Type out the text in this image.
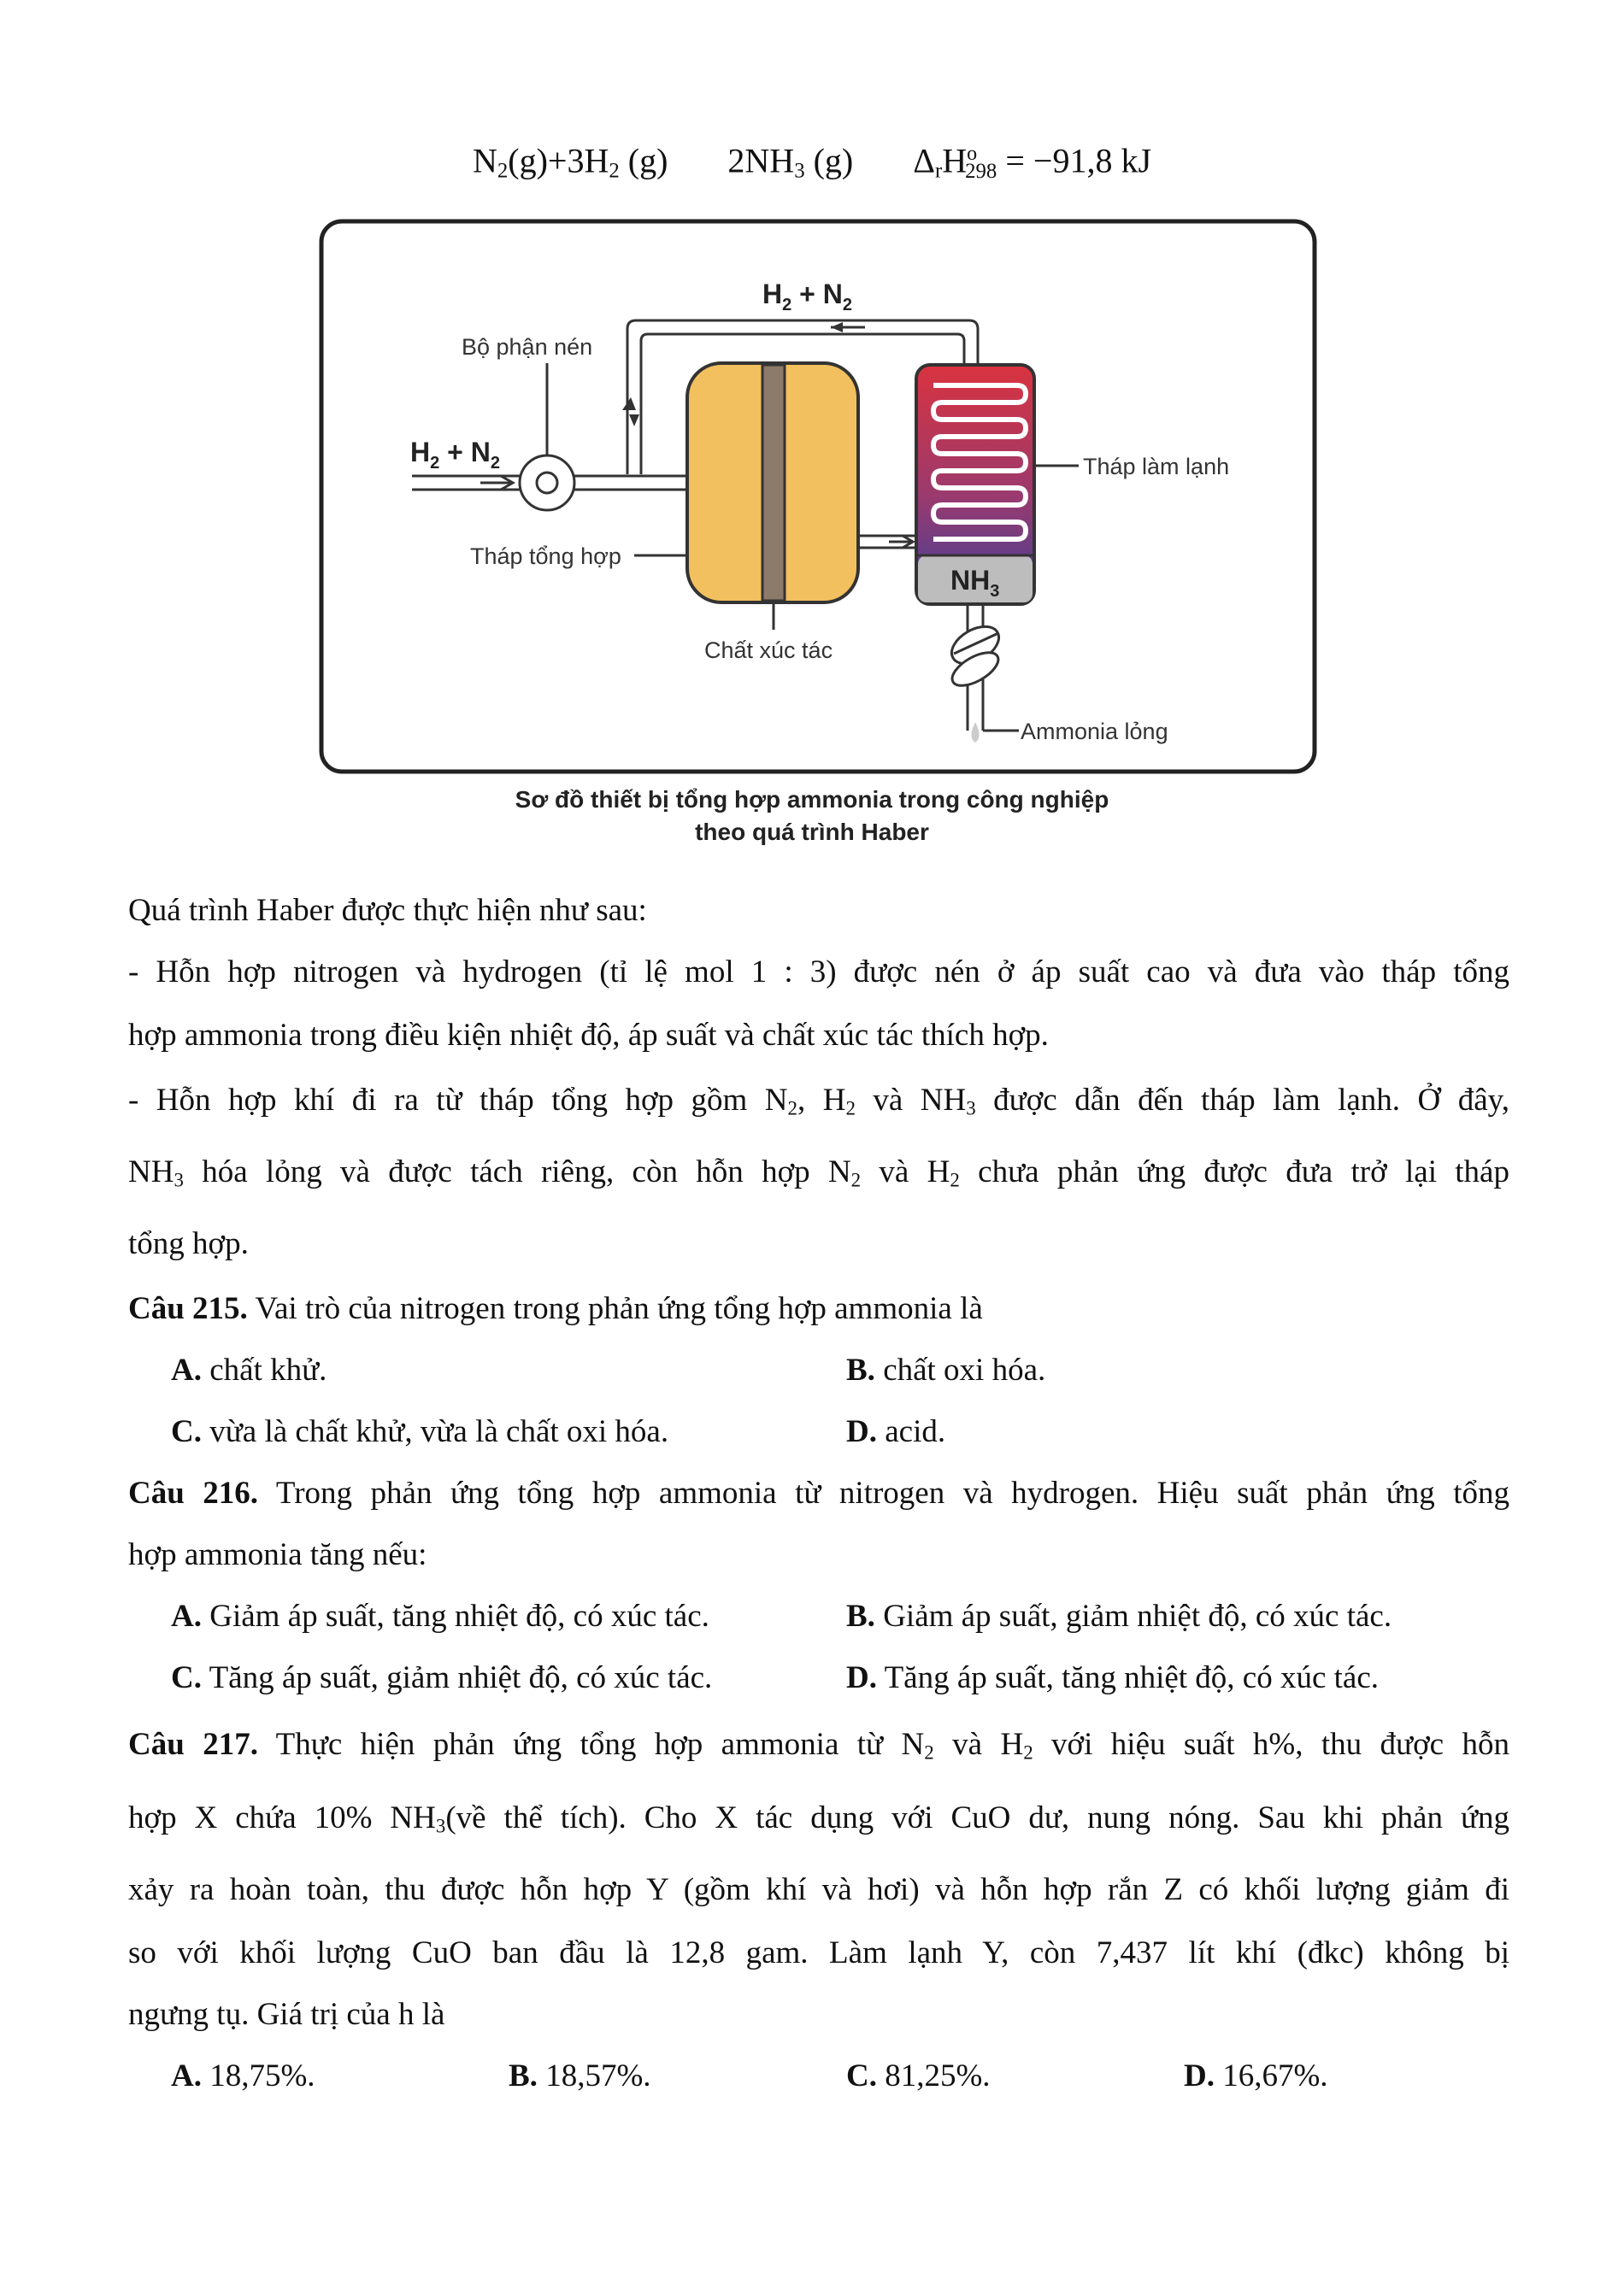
$N_2(g)+3H_2$ (g) $2NH_3$ (g) $\Delta_rH^o_{298} = -91,8$ kJ
$H_2 + N_2$
$H_2 + N_2$
Bộ phận nén
Tháp tổng hợp
Chất xúc tác
$NH_3$
Tháp làm lạnh
Ammonia lỏng
Sơ đồ thiết bị tổng hợp ammonia trong công nghiệp
theo quá trình Haber
Quá trình Haber được thực hiện như sau:
- Hỗn hợp nitrogen và hydrogen (tỉ lệ mol 1 : 3) được nén ở áp suất cao và đưa vào tháp tổng
hợp ammonia trong điều kiện nhiệt độ, áp suất và chất xúc tác thích hợp.
- Hỗn hợp khí đi ra từ tháp tổng hợp gồm $N_2$, $H_2$ và $NH_3$ được dẫn đến tháp làm lạnh. Ở đây,
$NH_3$ hóa lỏng và được tách riêng, còn hỗn hợp $N_2$ và $H_2$ chưa phản ứng được đưa trở lại tháp
tổng hợp.
Câu 215. Vai trò của nitrogen trong phản ứng tổng hợp ammonia là
A. chất khử.	B. chất oxi hóa.
C. vừa là chất khử, vừa là chất oxi hóa.	D. acid.
Câu 216. Trong phản ứng tổng hợp ammonia từ nitrogen và hydrogen. Hiệu suất phản ứng tổng
hợp ammonia tăng nếu:
A. Giảm áp suất, tăng nhiệt độ, có xúc tác.	B. Giảm áp suất, giảm nhiệt độ, có xúc tác.
C. Tăng áp suất, giảm nhiệt độ, có xúc tác.	D. Tăng áp suất, tăng nhiệt độ, có xúc tác.
Câu 217. Thực hiện phản ứng tổng hợp ammonia từ $N_2$ và $H_2$ với hiệu suất h%, thu được hỗn
hợp X chứa 10% $NH_3(về$ thể tích). Cho X tác dụng với CuO dư, nung nóng. Sau khi phản ứng
xảy ra hoàn toàn, thu được hỗn hợp Y (gồm khí và hơi) và hỗn hợp rắn Z có khối lượng giảm đi
so với khối lượng CuO ban đầu là 12,8 gam. Làm lạnh Y, còn 7,437 lít khí (đkc) không bị
ngưng tụ. Giá trị của h là
A. 18,75%.	B. 18,57%.	C. 81,25%.	D. 16,67%.
